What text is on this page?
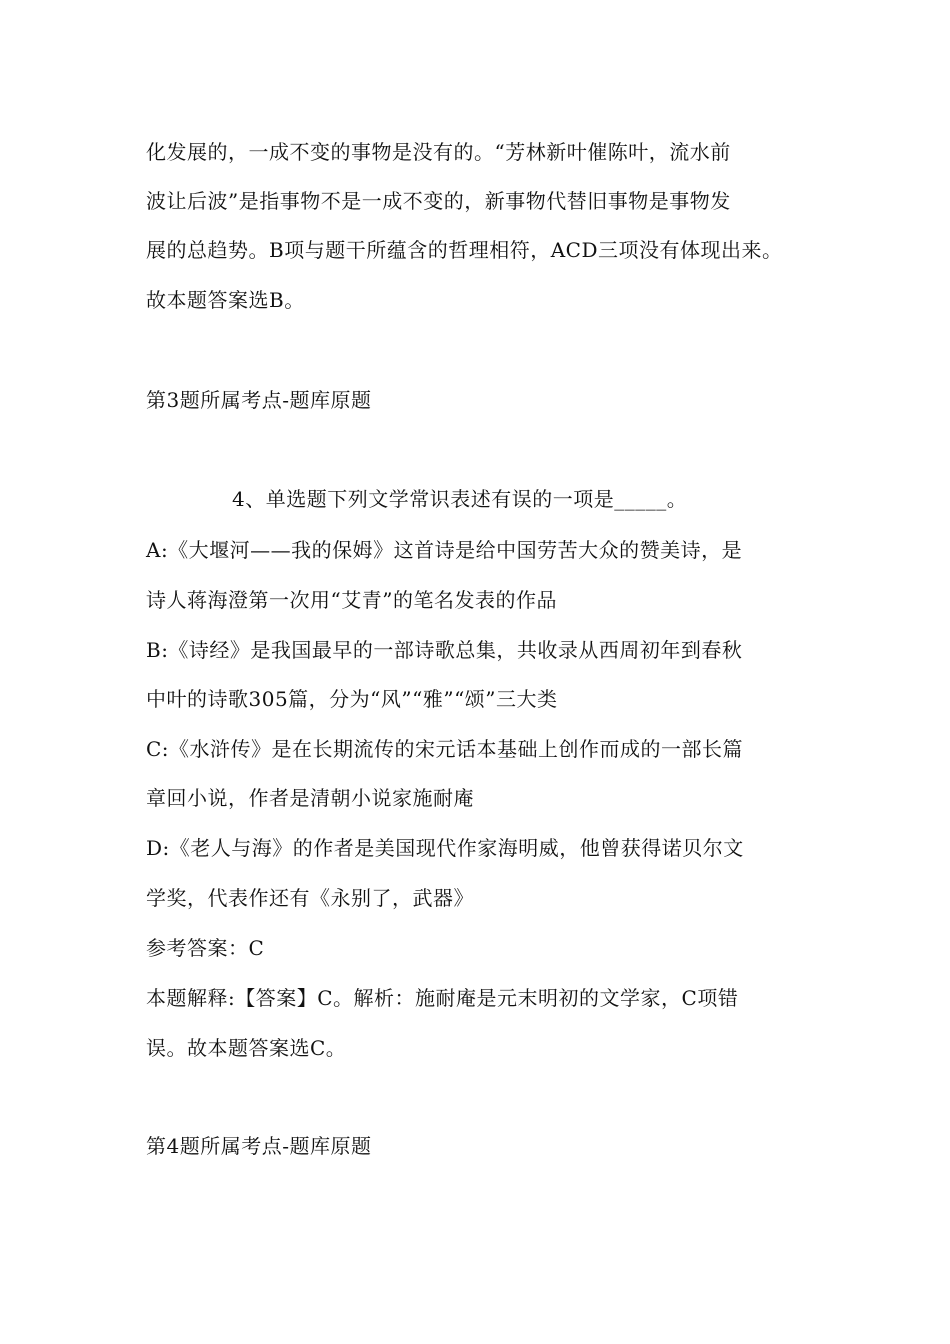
化发展的，一成不变的事物是没有的。“芳林新叶催陈叶，流水前
波让后波”是指事物不是一成不变的，新事物代替旧事物是事物发
展的总趋势。B项与题干所蕴含的哲理相符，ACD三项没有体现出来。
故本题答案选B。
第3题所属考点-题库原题
4、单选题下列文学常识表述有误的一项是_____。
A:《大堰河——我的保姆》这首诗是给中国劳苦大众的赞美诗，是
诗人蒋海澄第一次用“艾青”的笔名发表的作品
B:《诗经》是我国最早的一部诗歌总集，共收录从西周初年到春秋
中叶的诗歌305篇，分为“风”“雅”“颂”三大类
C:《水浒传》是在长期流传的宋元话本基础上创作而成的一部长篇
章回小说，作者是清朝小说家施耐庵
D:《老人与海》的作者是美国现代作家海明威，他曾获得诺贝尔文
学奖，代表作还有《永别了，武器》
参考答案：C
本题解释:【答案】C。解析：施耐庵是元末明初的文学家，C项错
误。故本题答案选C。
第4题所属考点-题库原题
